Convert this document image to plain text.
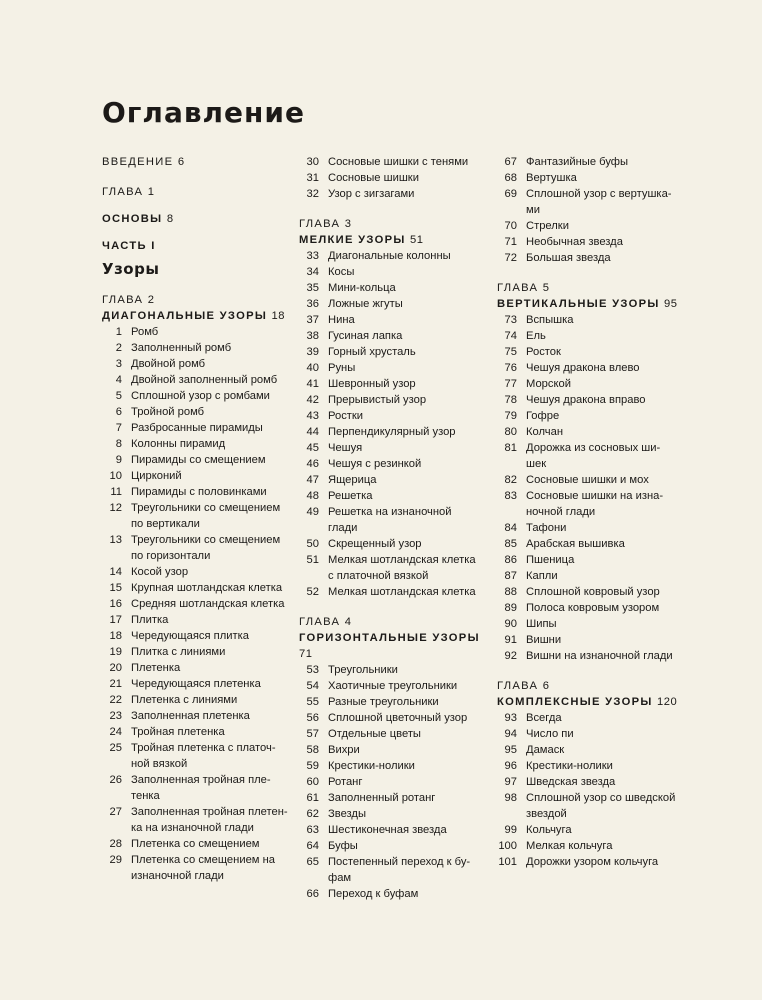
Оглавление
ВВЕДЕНИЕ 6
ГЛАВА 1
ОСНОВЫ 8
ЧАСТЬ I
Узоры
ГЛАВА 2
ДИАГОНАЛЬНЫЕ УЗОРЫ 18
1 Ромб
2 Заполненный ромб
3 Двойной ромб
4 Двойной заполненный ромб
5 Сплошной узор с ромбами
6 Тройной ромб
7 Разбросанные пирамиды
8 Колонны пирамид
9 Пирамиды со смещением
10 Цирконий
11 Пирамиды с половинками
12 Треугольники со смещением
по вертикали
13 Треугольники со смещением
по горизонтали
14 Косой узор
15 Крупная шотландская клетка
16 Средняя шотландская клетка
17 Плитка
18 Чередующаяся плитка
19 Плитка с линиями
20 Плетенка
21 Чередующаяся плетенка
22 Плетенка с линиями
23 Заполненная плетенка
24 Тройная плетенка
25 Тройная плетенка с платоч-
ной вязкой
26 Заполненная тройная пле-
тенка
27 Заполненная тройная плетен-
ка на изнаночной глади
28 Плетенка со смещением
29 Плетенка со смещением на
изнаночной глади
30 Сосновые шишки с тенями
31 Сосновые шишки
32 Узор с зигзагами
ГЛАВА 3
МЕЛКИЕ УЗОРЫ 51
33 Диагональные колонны
34 Косы
35 Мини-кольца
36 Ложные жгуты
37 Нина
38 Гусиная лапка
39 Горный хрусталь
40 Руны
41 Шевронный узор
42 Прерывистый узор
43 Ростки
44 Перпендикулярный узор
45 Чешуя
46 Чешуя с резинкой
47 Ящерица
48 Решетка
49 Решетка на изнаночной
глади
50 Скрещенный узор
51 Мелкая шотландская клетка
с платочной вязкой
52 Мелкая шотландская клетка
ГЛАВА 4
ГОРИЗОНТАЛЬНЫЕ УЗОРЫ 71
53 Треугольники
54 Хаотичные треугольники
55 Разные треугольники
56 Сплошной цветочный узор
57 Отдельные цветы
58 Вихри
59 Крестики-нолики
60 Ротанг
61 Заполненный ротанг
62 Звезды
63 Шестиконечная звезда
64 Буфы
65 Постепенный переход к бу-
фам
66 Переход к буфам
67 Фантазийные буфы
68 Вертушка
69 Сплошной узор с вертушка-
ми
70 Стрелки
71 Необычная звезда
72 Большая звезда
ГЛАВА 5
ВЕРТИКАЛЬНЫЕ УЗОРЫ 95
73 Вспышка
74 Ель
75 Росток
76 Чешуя дракона влево
77 Морской
78 Чешуя дракона вправо
79 Гофре
80 Колчан
81 Дорожка из сосновых ши-
шек
82 Сосновые шишки и мох
83 Сосновые шишки на изна-
ночной глади
84 Тафони
85 Арабская вышивка
86 Пшеница
87 Капли
88 Сплошной ковровый узор
89 Полоса ковровым узором
90 Шипы
91 Вишни
92 Вишни на изнаночной глади
ГЛАВА 6
КОМПЛЕКСНЫЕ УЗОРЫ 120
93 Всегда
94 Число пи
95 Дамаск
96 Крестики-нолики
97 Шведская звезда
98 Сплошной узор со шведской
звездой
99 Кольчуга
100 Мелкая кольчуга
101 Дорожки узором кольчуга
